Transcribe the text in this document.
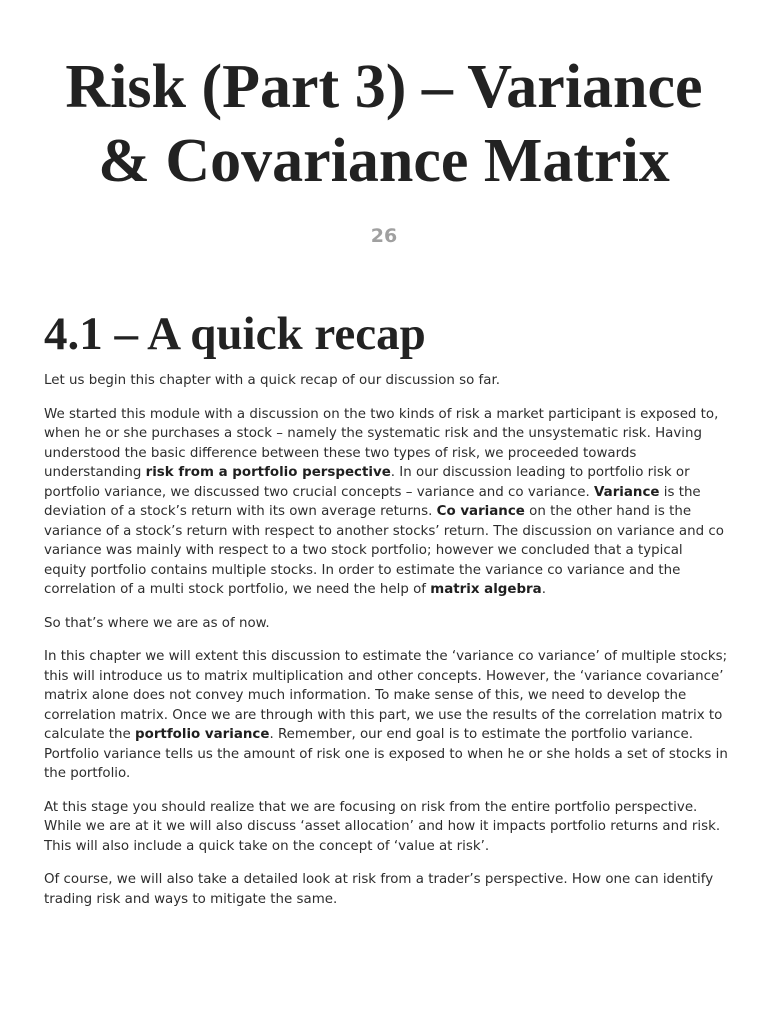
Risk (Part 3) – Variance & Covariance Matrix
26
4.1 – A quick recap

Let us begin this chapter with a quick recap of our discussion so far.

We started this module with a discussion on the two kinds of risk a market participant is exposed to, when he or she purchases a stock – namely the systematic risk and the unsystematic risk. Having understood the basic difference between these two types of risk, we proceeded towards understanding risk from a portfolio perspective. In our discussion leading to portfolio risk or portfolio variance, we discussed two crucial concepts – variance and co variance. Variance is the deviation of a stock’s return with its own average returns. Co variance on the other hand is the variance of a stock’s return with respect to another stocks’ return. The discussion on variance and co variance was mainly with respect to a two stock portfolio; however we concluded that a typical equity portfolio contains multiple stocks. In order to estimate the variance co variance and the correlation of a multi stock portfolio, we need the help of matrix algebra.

So that’s where we are as of now.

In this chapter we will extent this discussion to estimate the ‘variance co variance’ of multiple stocks; this will introduce us to matrix multiplication and other concepts. However, the ‘variance covariance’ matrix alone does not convey much information. To make sense of this, we need to develop the correlation matrix. Once we are through with this part, we use the results of the correlation matrix to calculate the portfolio variance. Remember, our end goal is to estimate the portfolio variance. Portfolio variance tells us the amount of risk one is exposed to when he or she holds a set of stocks in the portfolio.

At this stage you should realize that we are focusing on risk from the entire portfolio perspective. While we are at it we will also discuss ‘asset allocation’ and how it impacts portfolio returns and risk. This will also include a quick take on the concept of ‘value at risk’.

Of course, we will also take a detailed look at risk from a trader’s perspective. How one can identify trading risk and ways to mitigate the same.
